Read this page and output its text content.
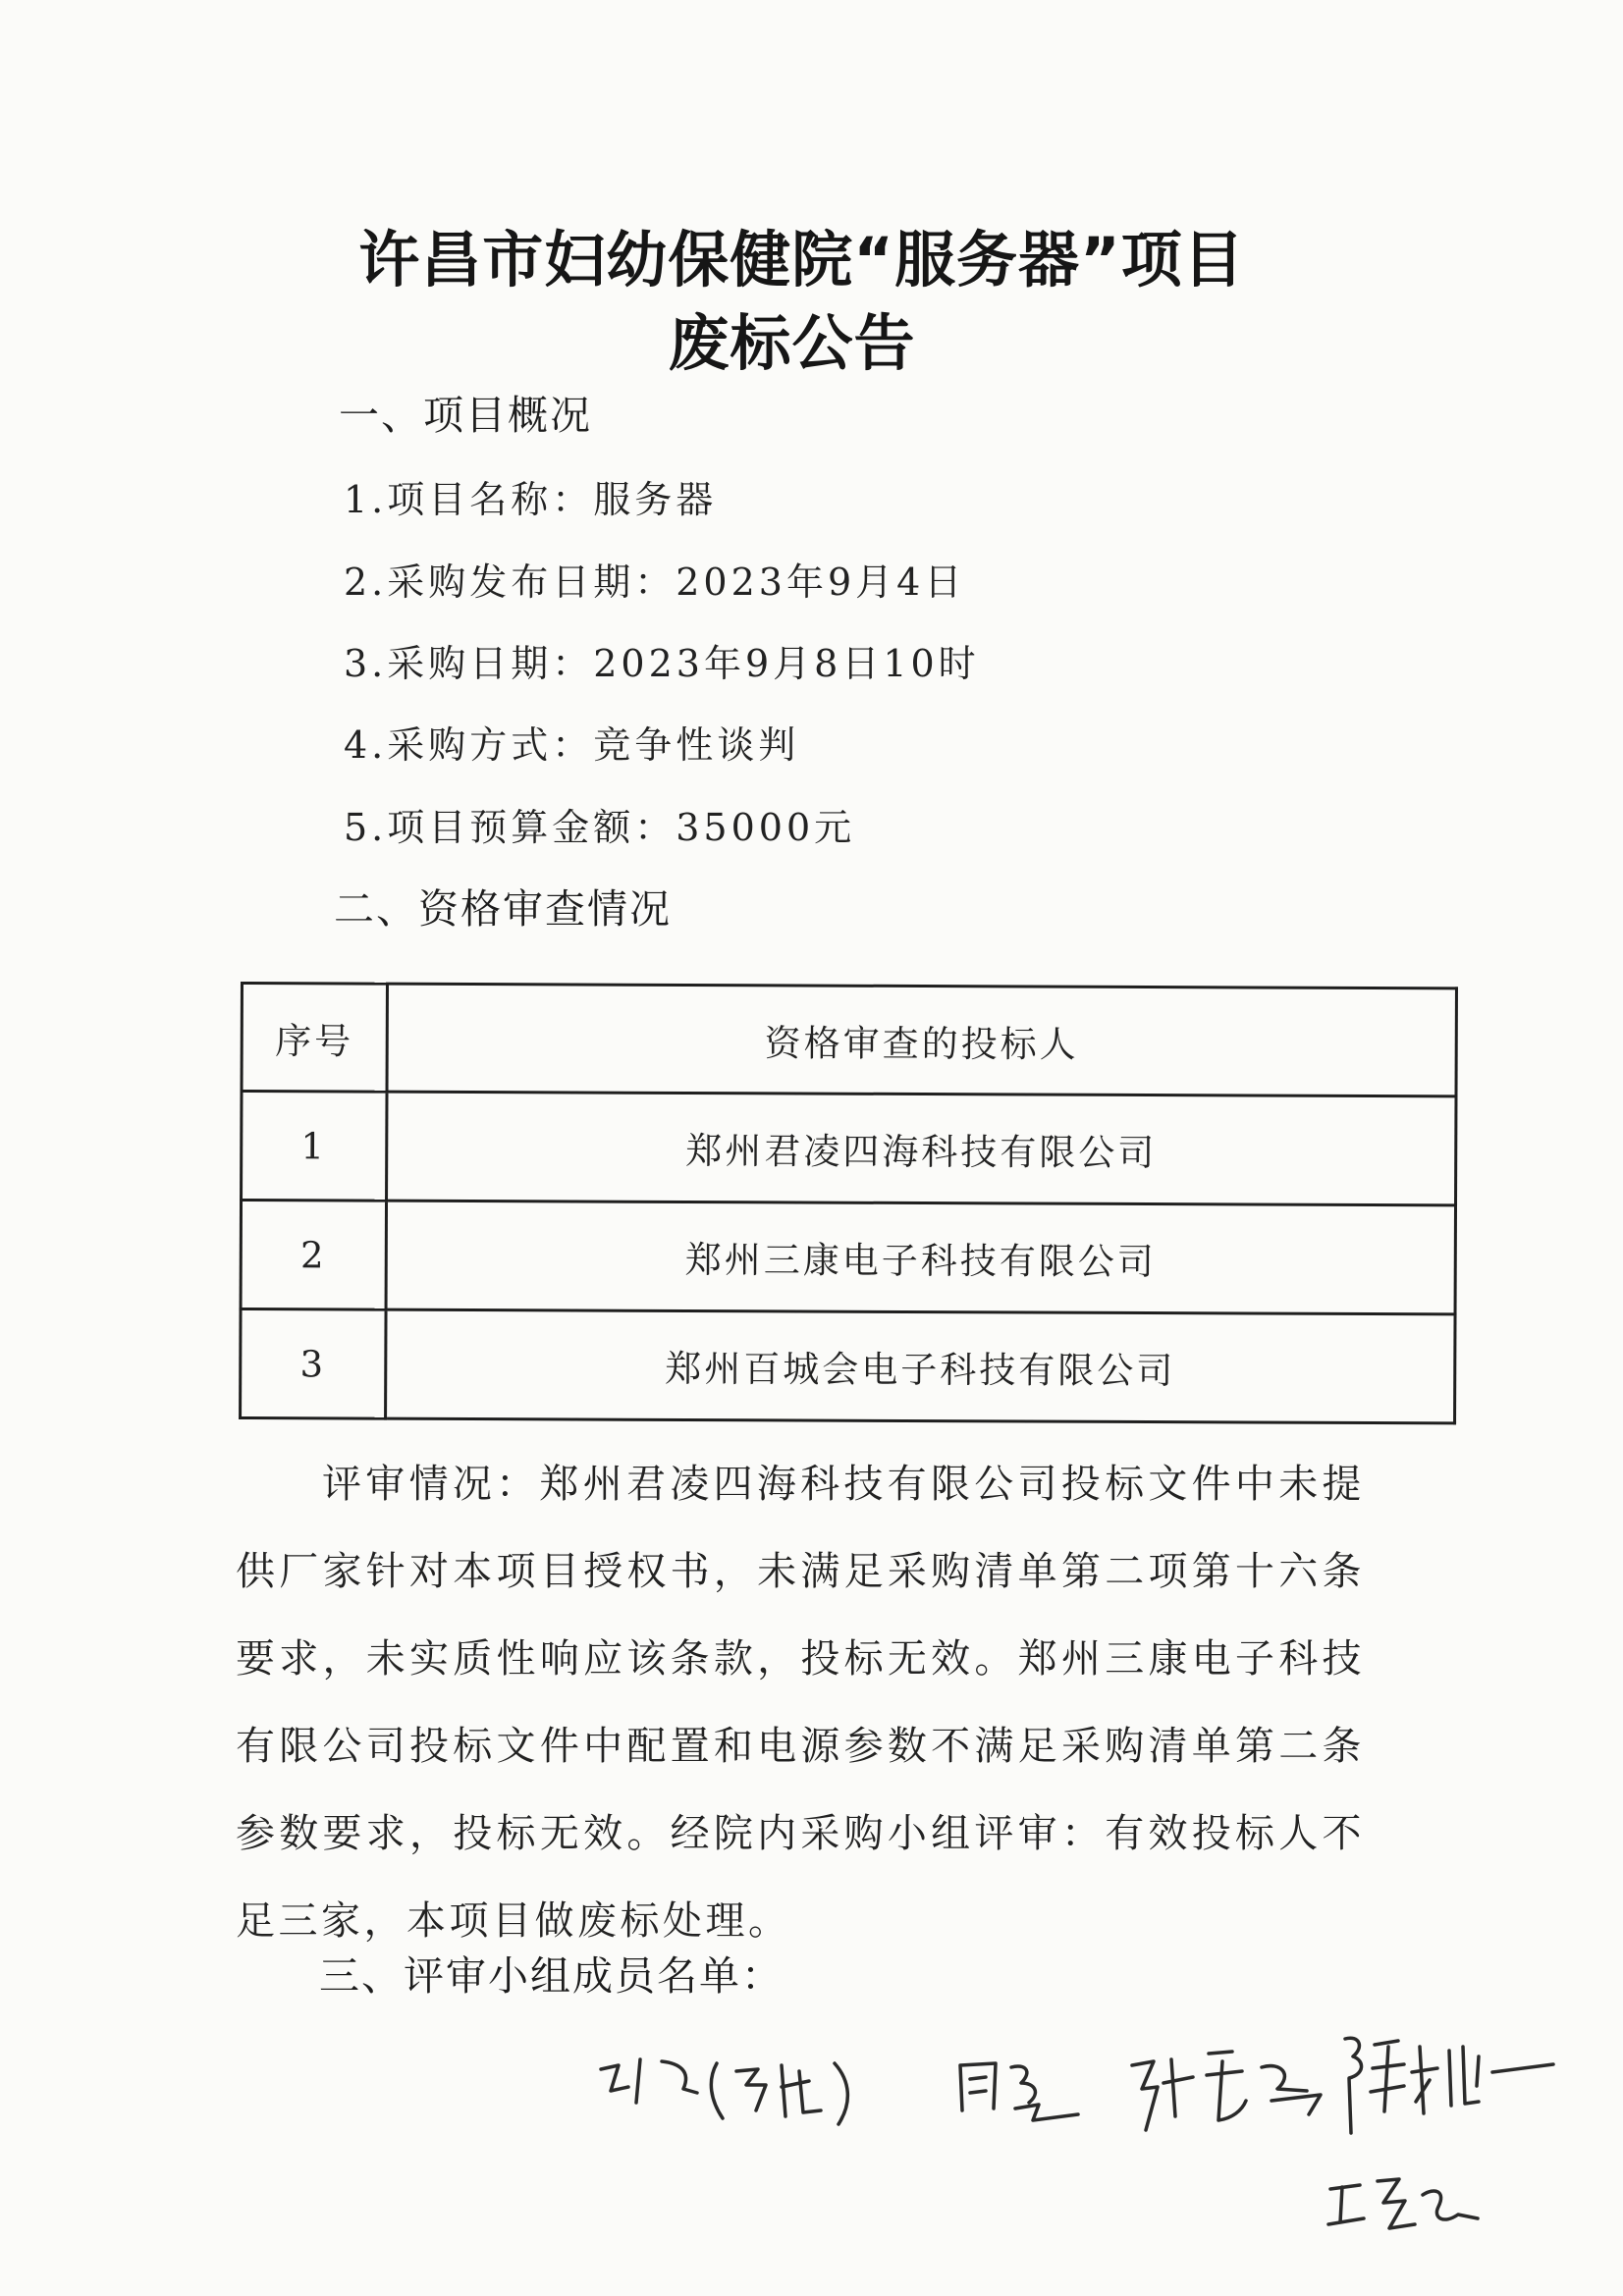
许昌市妇幼保健院“服务器”项目
废标公告
一、项目概况
1.项目名称：服务器
2.采购发布日期：2023年9月4日
3.采购日期：2023年9月8日10时
4.采购方式：竞争性谈判
5.项目预算金额：35000元
二、资格审查情况
序号	资格审查的投标人
1	郑州君凌四海科技有限公司
2	郑州三康电子科技有限公司
3	郑州百城会电子科技有限公司
评审情况：郑州君凌四海科技有限公司投标文件中未提供厂家针对本项目授权书，未满足采购清单第二项第十六条要求，未实质性响应该条款，投标无效。郑州三康电子科技有限公司投标文件中配置和电源参数不满足采购清单第二条参数要求，投标无效。经院内采购小组评审：有效投标人不足三家，本项目做废标处理。
三、评审小组成员名单：
